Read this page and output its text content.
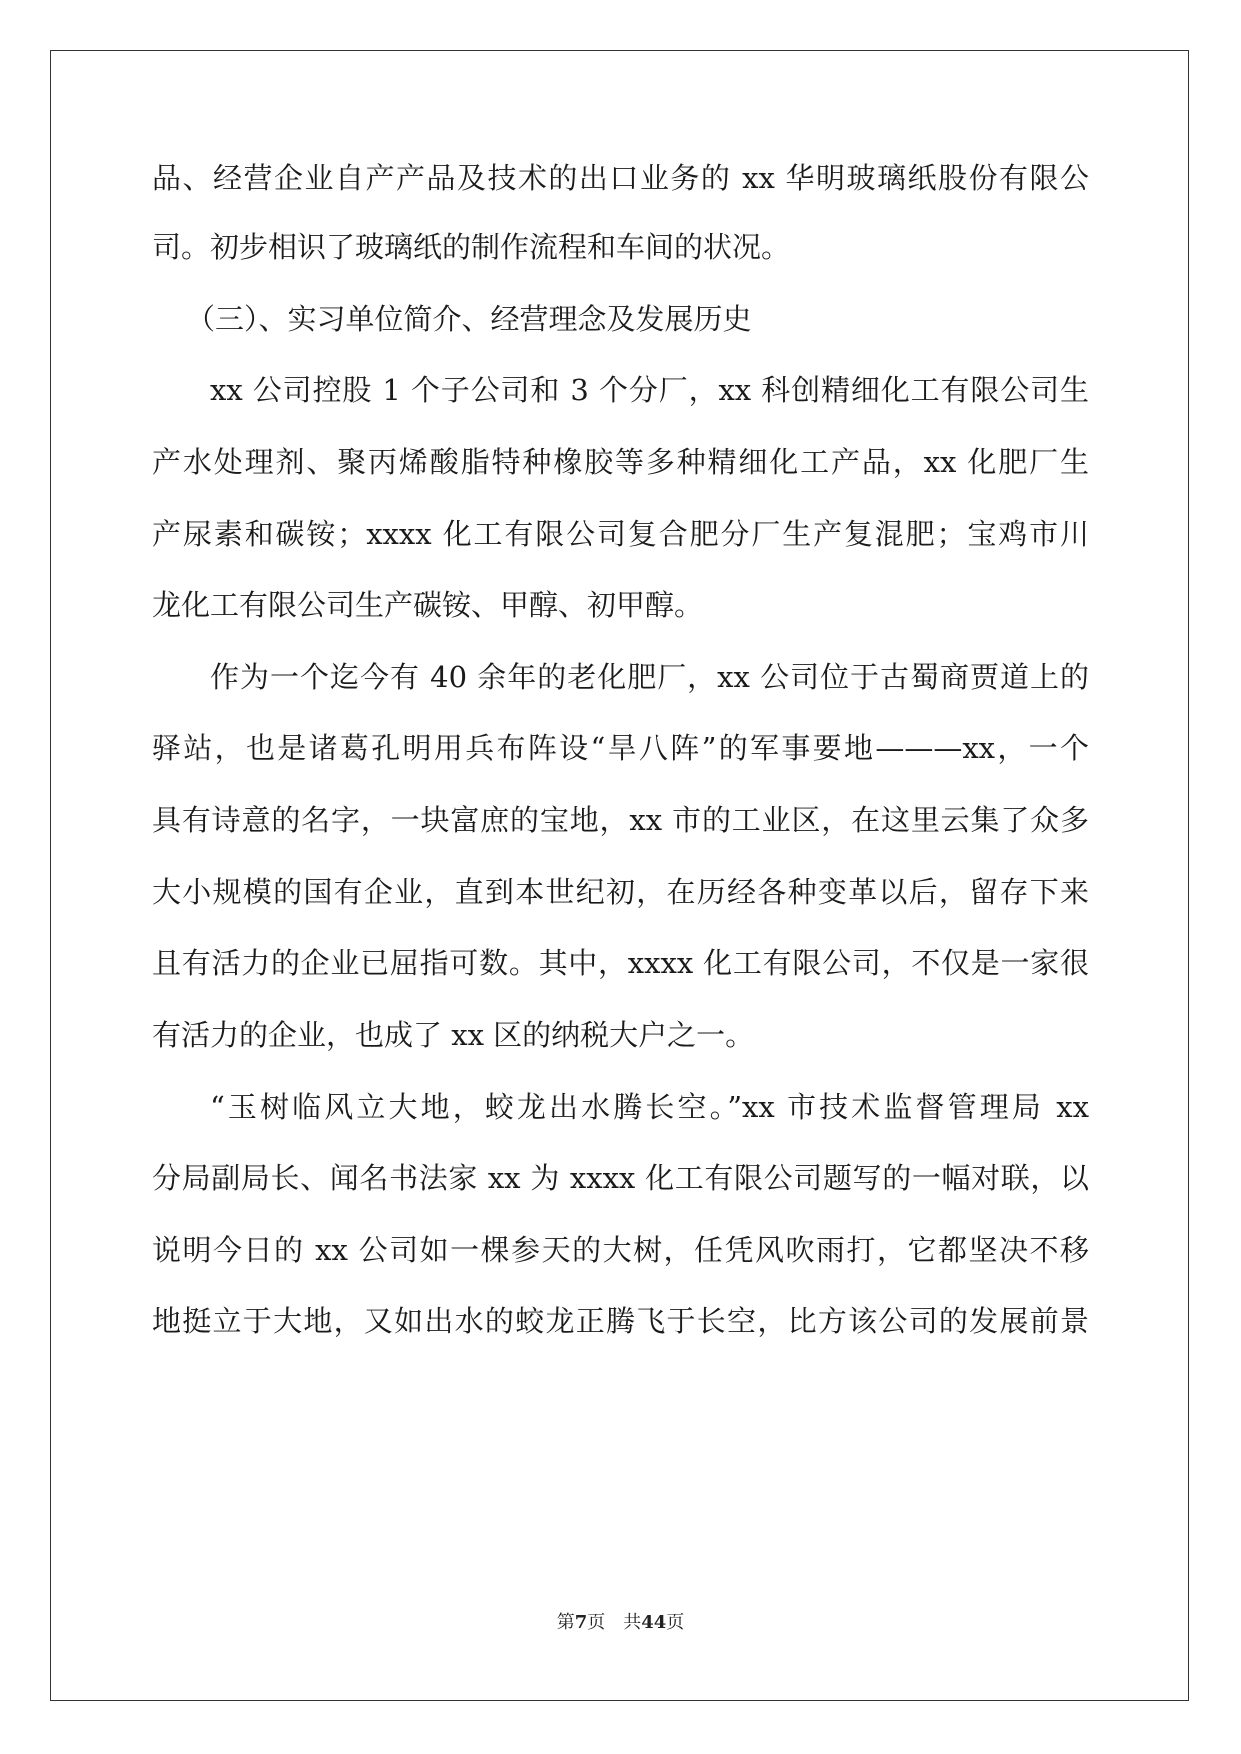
品、经营企业自产产品及技术的出口业务的 xx 华明玻璃纸股份有限公
司。初步相识了玻璃纸的制作流程和车间的状况。
（三）、实习单位简介、经营理念及发展历史
xx 公司控股 1 个子公司和 3 个分厂，xx 科创精细化工有限公司生
产水处理剂、聚丙烯酸脂特种橡胶等多种精细化工产品，xx 化肥厂生
产尿素和碳铵；xxxx 化工有限公司复合肥分厂生产复混肥；宝鸡市川
龙化工有限公司生产碳铵、甲醇、初甲醇。
作为一个迄今有 40 余年的老化肥厂，xx 公司位于古蜀商贾道上的
驿站，也是诸葛孔明用兵布阵设“旱八阵”的军事要地———xx，一个
具有诗意的名字，一块富庶的宝地，xx 市的工业区，在这里云集了众多
大小规模的国有企业，直到本世纪初，在历经各种变革以后，留存下来
且有活力的企业已屈指可数。其中，xxxx 化工有限公司，不仅是一家很
有活力的企业，也成了 xx 区的纳税大户之一。
“玉树临风立大地，蛟龙出水腾长空。”xx 市技术监督管理局 xx
分局副局长、闻名书法家 xx 为 xxxx 化工有限公司题写的一幅对联，以
说明今日的 xx 公司如一棵参天的大树，任凭风吹雨打，它都坚决不移
地挺立于大地，又如出水的蛟龙正腾飞于长空，比方该公司的发展前景
第7页　共44页
